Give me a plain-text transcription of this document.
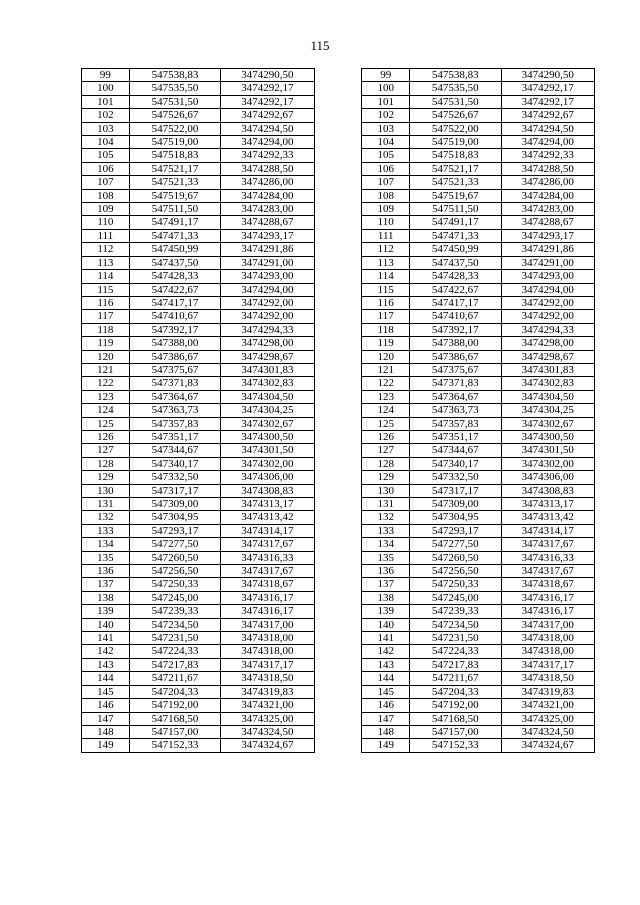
115
99	547538,83	3474290,50		99	547538,83	3474290,50
100	547535,50	3474292,17		100	547535,50	3474292,17
101	547531,50	3474292,17		101	547531,50	3474292,17
102	547526,67	3474292,67		102	547526,67	3474292,67
103	547522,00	3474294,50		103	547522,00	3474294,50
104	547519,00	3474294,00		104	547519,00	3474294,00
105	547518,83	3474292,33		105	547518,83	3474292,33
106	547521,17	3474288,50		106	547521,17	3474288,50
107	547521,33	3474286,00		107	547521,33	3474286,00
108	547519,67	3474284,00		108	547519,67	3474284,00
109	547511,50	3474283,00		109	547511,50	3474283,00
110	547491,17	3474288,67		110	547491,17	3474288,67
111	547471,33	3474293,17		111	547471,33	3474293,17
112	547450,99	3474291,86		112	547450,99	3474291,86
113	547437,50	3474291,00		113	547437,50	3474291,00
114	547428,33	3474293,00		114	547428,33	3474293,00
115	547422,67	3474294,00		115	547422,67	3474294,00
116	547417,17	3474292,00		116	547417,17	3474292,00
117	547410,67	3474292,00		117	547410,67	3474292,00
118	547392,17	3474294,33		118	547392,17	3474294,33
119	547388,00	3474298,00		119	547388,00	3474298,00
120	547386,67	3474298,67		120	547386,67	3474298,67
121	547375,67	3474301,83		121	547375,67	3474301,83
122	547371,83	3474302,83		122	547371,83	3474302,83
123	547364,67	3474304,50		123	547364,67	3474304,50
124	547363,73	3474304,25		124	547363,73	3474304,25
125	547357,83	3474302,67		125	547357,83	3474302,67
126	547351,17	3474300,50		126	547351,17	3474300,50
127	547344,67	3474301,50		127	547344,67	3474301,50
128	547340,17	3474302,00		128	547340,17	3474302,00
129	547332,50	3474306,00		129	547332,50	3474306,00
130	547317,17	3474308,83		130	547317,17	3474308,83
131	547309,00	3474313,17		131	547309,00	3474313,17
132	547304,95	3474313,42		132	547304,95	3474313,42
133	547293,17	3474314,17		133	547293,17	3474314,17
134	547277,50	3474317,67		134	547277,50	3474317,67
135	547260,50	3474316,33		135	547260,50	3474316,33
136	547256,50	3474317,67		136	547256,50	3474317,67
137	547250,33	3474318,67		137	547250,33	3474318,67
138	547245,00	3474316,17		138	547245,00	3474316,17
139	547239,33	3474316,17		139	547239,33	3474316,17
140	547234,50	3474317,00		140	547234,50	3474317,00
141	547231,50	3474318,00		141	547231,50	3474318,00
142	547224,33	3474318,00		142	547224,33	3474318,00
143	547217,83	3474317,17		143	547217,83	3474317,17
144	547211,67	3474318,50		144	547211,67	3474318,50
145	547204,33	3474319,83		145	547204,33	3474319,83
146	547192,00	3474321,00		146	547192,00	3474321,00
147	547168,50	3474325,00		147	547168,50	3474325,00
148	547157,00	3474324,50		148	547157,00	3474324,50
149	547152,33	3474324,67		149	547152,33	3474324,67
